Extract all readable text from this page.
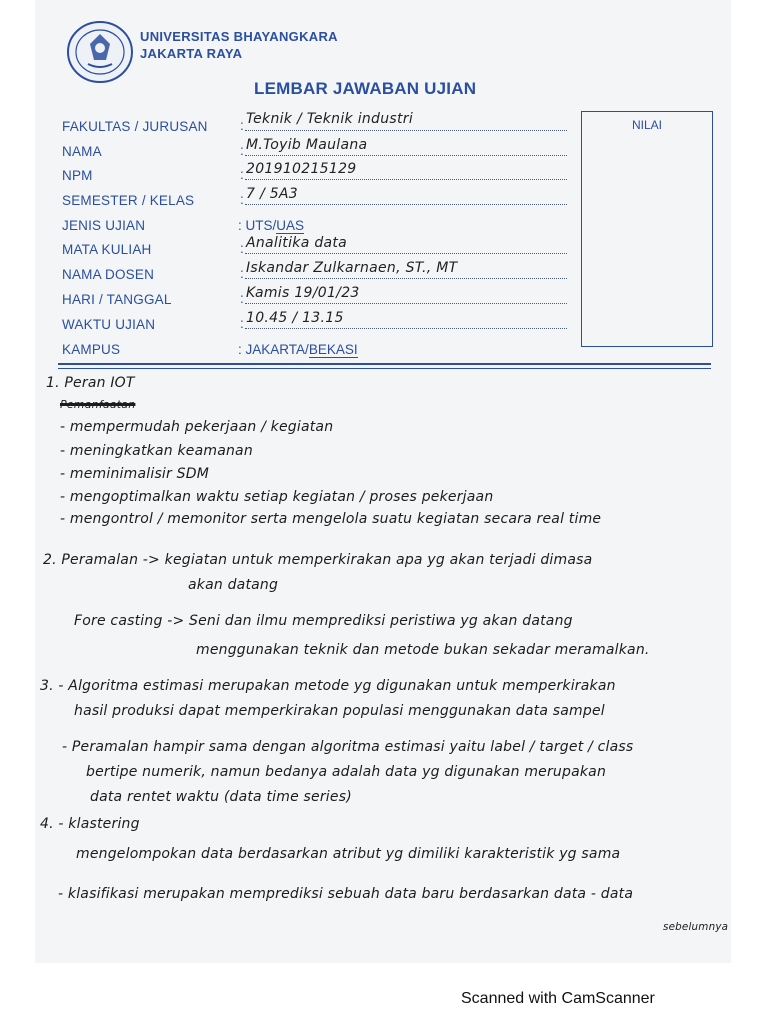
UNIVERSITAS BHAYANGKARA
JAKARTA RAYA
LEMBAR JAWABAN UJIAN
FAKULTAS / JURUSAN
NAMA
NPM
SEMESTER / KELAS
JENIS UJIAN
MATA KULIAH
NAMA DOSEN
HARI / TANGGAL
WAKTU UJIAN
KAMPUS
: Teknik / Teknik industri
: M.Toyib Maulana
: 201910215129
: 7 / 5A3
: UTS/UAS
: Analitika data
: Iskandar Zulkarnaen, ST., MT
: Kamis 19/01/23
: 10.45 / 13.15
: JAKARTA/BEKASI
NILAI
1. Peran IOT
Pemanfaatan
- mempermudah pekerjaan / kegiatan
- meningkatkan keamanan
- meminimalisir SDM
- mengoptimalkan waktu setiap kegiatan / proses pekerjaan
- mengontrol / memonitor serta mengelola suatu kegiatan secara real time
2. Peramalan -> kegiatan untuk memperkirakan apa yg akan terjadi dimasa
akan datang
Fore casting -> Seni dan ilmu memprediksi peristiwa yg akan datang
menggunakan teknik dan metode bukan sekadar meramalkan.
3. - Algoritma estimasi merupakan metode yg digunakan untuk memperkirakan
hasil produksi dapat memperkirakan populasi menggunakan data sampel
- Peramalan hampir sama dengan algoritma estimasi yaitu label / target / class
bertipe numerik, namun bedanya adalah data yg digunakan merupakan
data rentet waktu (data time series)
4. - klastering
mengelompokan data berdasarkan atribut yg dimiliki karakteristik yg sama
- klasifikasi merupakan memprediksi sebuah data baru berdasarkan data - data
sebelumnya
Scanned with CamScanner
